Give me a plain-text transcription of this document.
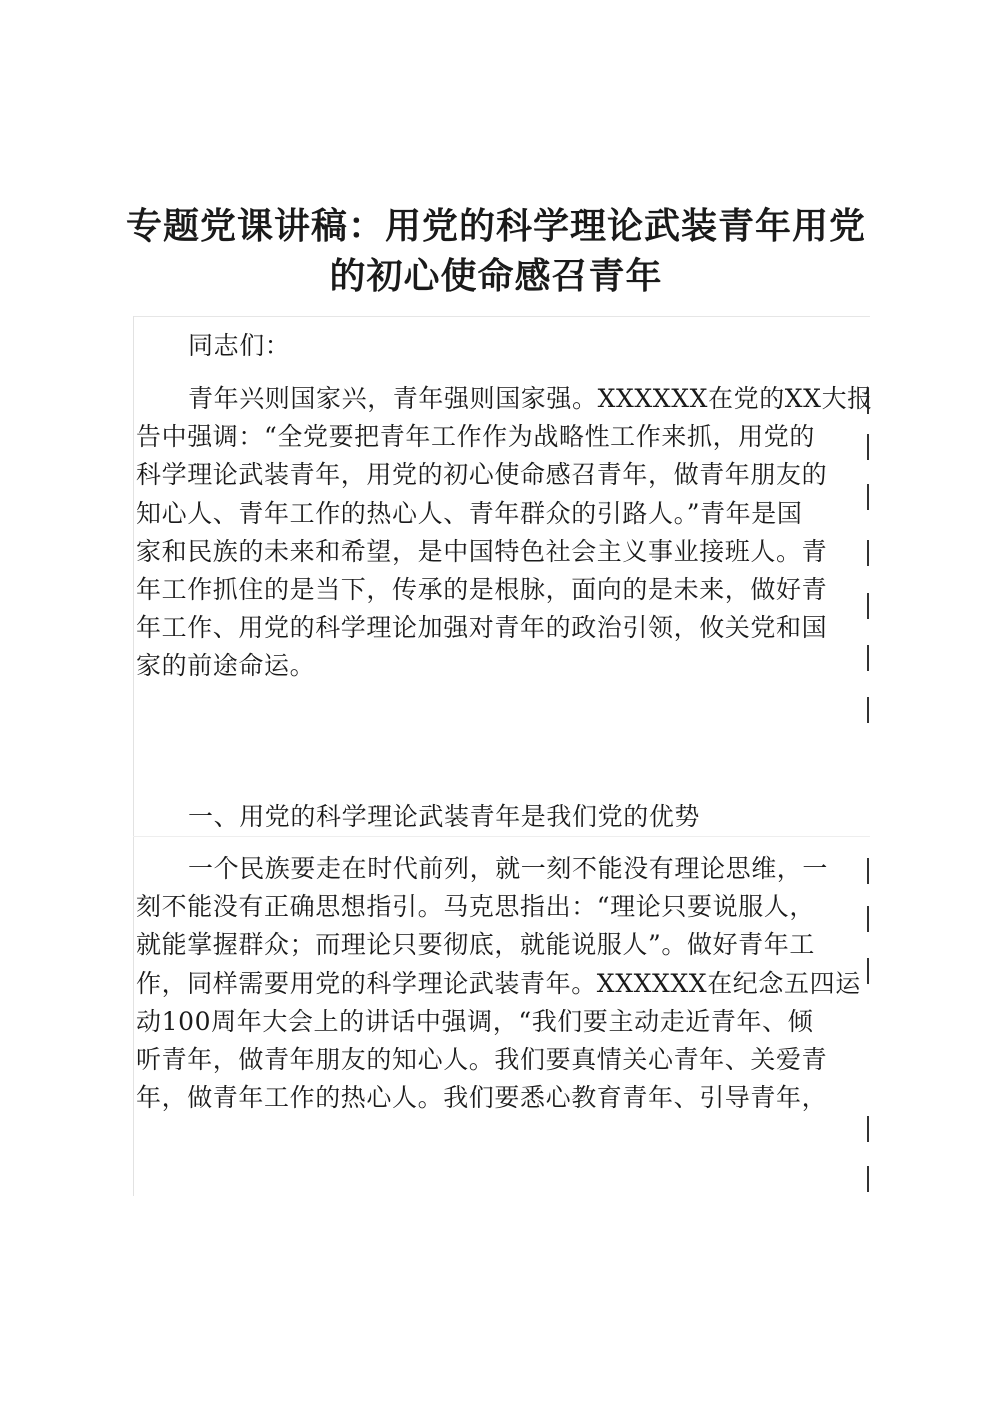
专题党课讲稿：用党的科学理论武装青年用党
的初心使命感召青年
同志们：
青年兴则国家兴，青年强则国家强。XXXXXX在党的XX大报
告中强调：“全党要把青年工作作为战略性工作来抓，用党的
科学理论武装青年，用党的初心使命感召青年，做青年朋友的
知心人、青年工作的热心人、青年群众的引路人。”青年是国
家和民族的未来和希望，是中国特色社会主义事业接班人。青
年工作抓住的是当下，传承的是根脉，面向的是未来，做好青
年工作、用党的科学理论加强对青年的政治引领，攸关党和国
家的前途命运。
一、用党的科学理论武装青年是我们党的优势
一个民族要走在时代前列，就一刻不能没有理论思维，一
刻不能没有正确思想指引。马克思指出：“理论只要说服人，
就能掌握群众；而理论只要彻底，就能说服人”。做好青年工
作，同样需要用党的科学理论武装青年。XXXXXX在纪念五四运
动100周年大会上的讲话中强调，“我们要主动走近青年、倾
听青年，做青年朋友的知心人。我们要真情关心青年、关爱青
年，做青年工作的热心人。我们要悉心教育青年、引导青年，
